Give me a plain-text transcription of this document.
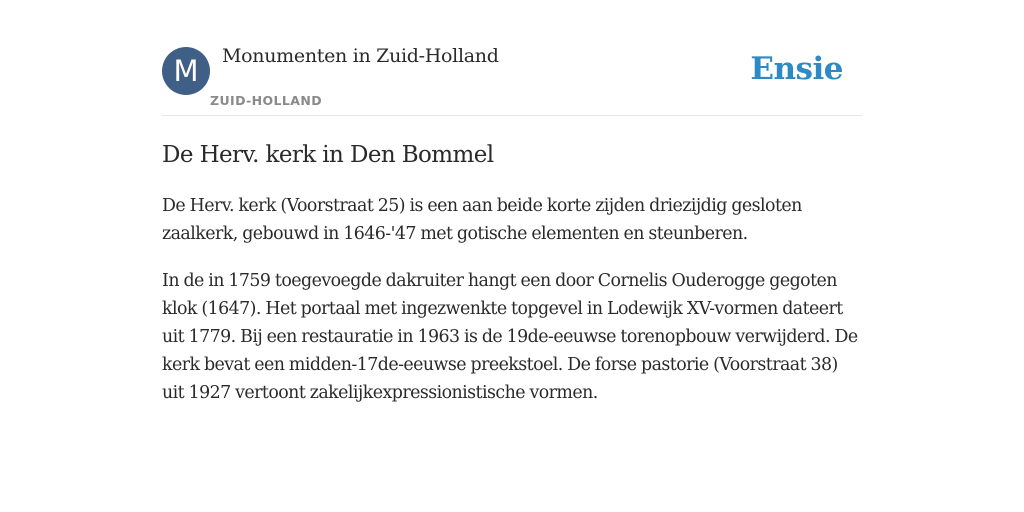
M	Monumenten in Zuid-Holland
ZUID-HOLLAND
Ensie
De Herv. kerk in Den Bommel

De Herv. kerk (Voorstraat 25) is een aan beide korte zijden driezijdig gesloten zaalkerk, gebouwd in 1646-'47 met gotische elementen en steunberen.

In de in 1759 toegevoegde dakruiter hangt een door Cornelis Ouderogge gegoten klok (1647). Het portaal met ingezwenkte topgevel in Lodewijk XV-vormen dateert uit 1779. Bij een restauratie in 1963 is de 19de-eeuwse torenopbouw verwijderd. De kerk bevat een midden-17de-eeuwse preekstoel. De forse pastorie (Voorstraat 38) uit 1927 vertoont zakelijkexpressionistische vormen.
